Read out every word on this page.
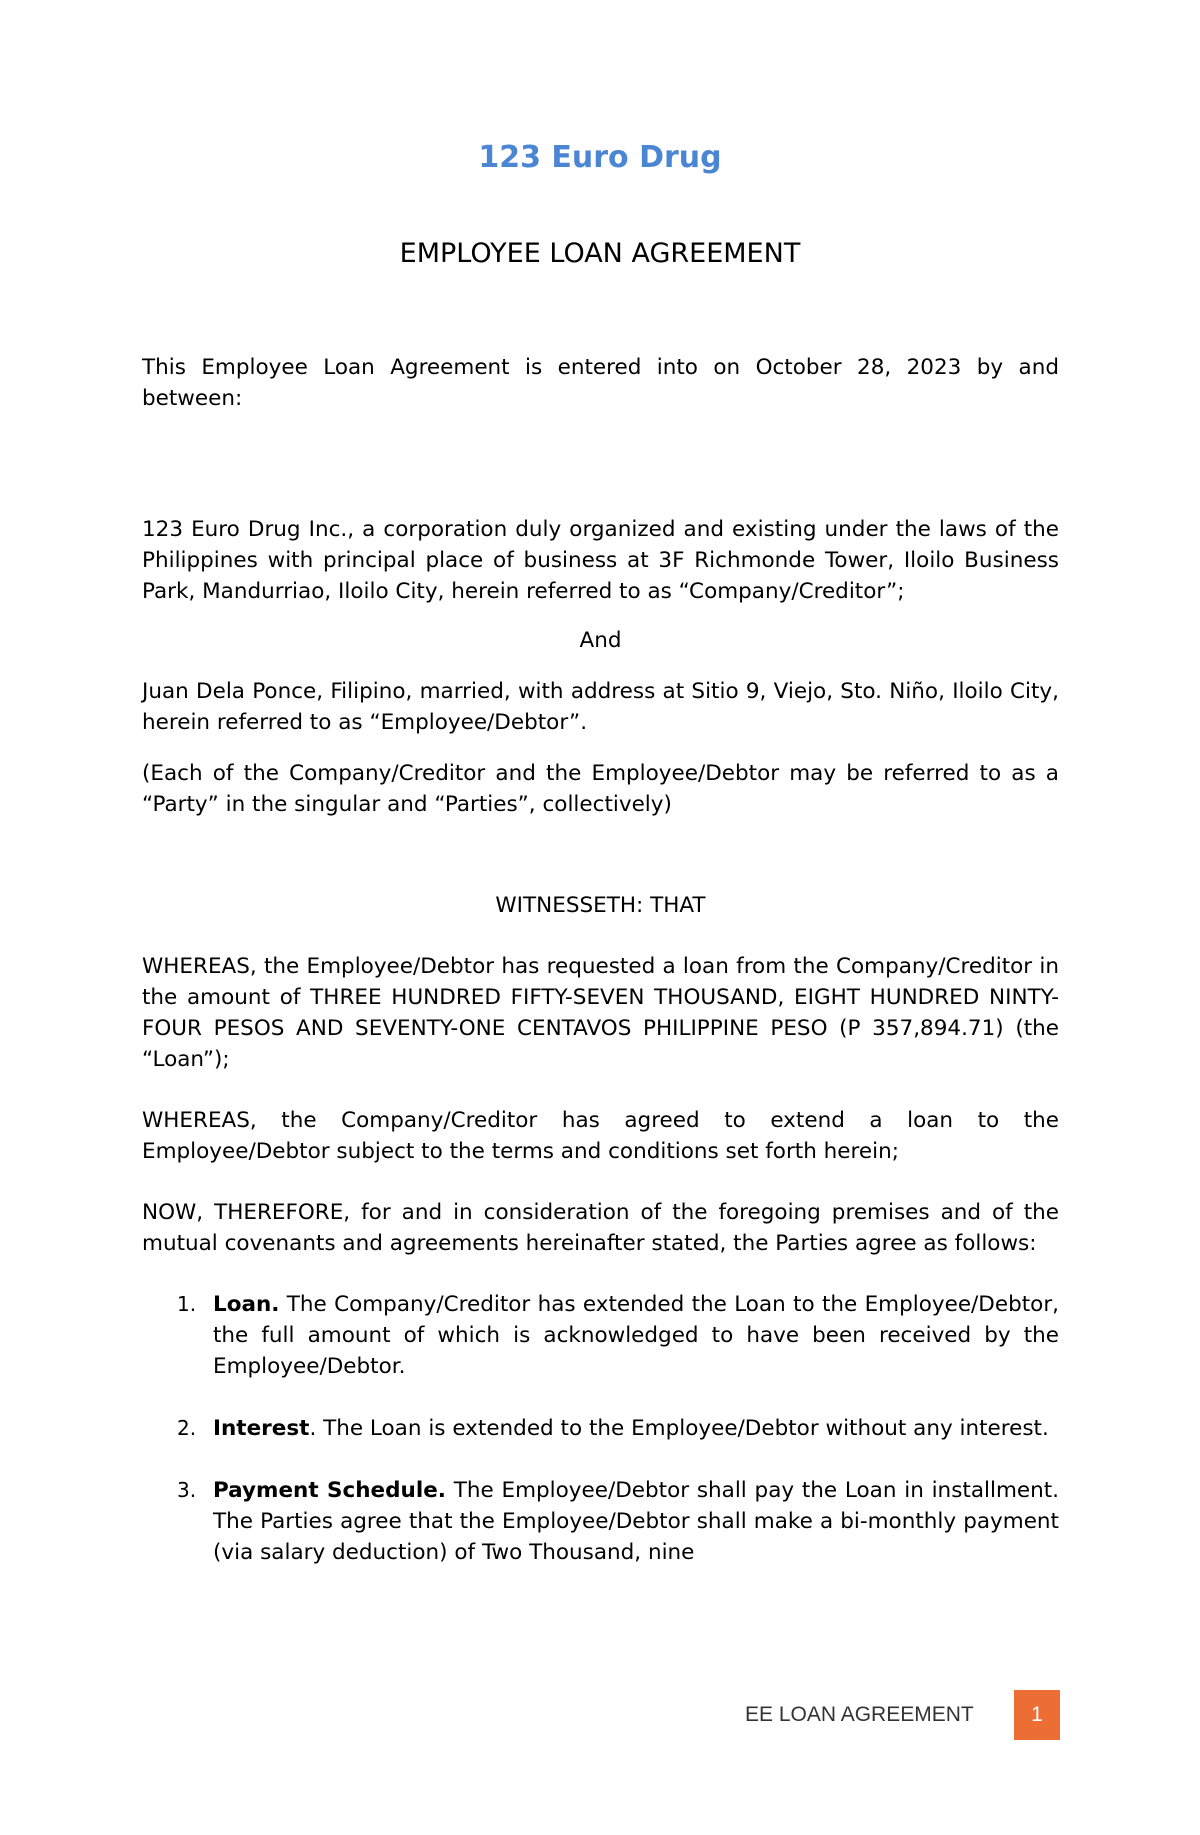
123 Euro Drug
EMPLOYEE LOAN AGREEMENT

This Employee Loan Agreement is entered into on October 28, 2023 by and between:

123 Euro Drug Inc., a corporation duly organized and existing under the laws of the Philippines with principal place of business at 3F Richmonde Tower, Iloilo Business Park, Mandurriao, Iloilo City, herein referred to as “Company/Creditor”;

And

Juan Dela Ponce, Filipino, married, with address at Sitio 9, Viejo, Sto. Niño, Iloilo City, herein referred to as “Employee/Debtor”.

(Each of the Company/Creditor and the Employee/Debtor may be referred to as a “Party” in the singular and “Parties”, collectively)

WITNESSETH: THAT

WHEREAS, the Employee/Debtor has requested a loan from the Company/Creditor in the amount of THREE HUNDRED FIFTY-SEVEN THOUSAND, EIGHT HUNDRED NINTY-FOUR PESOS AND SEVENTY-ONE CENTAVOS PHILIPPINE PESO (P 357,894.71) (the “Loan”);

WHEREAS, the Company/Creditor has agreed to extend a loan to the Employee/Debtor subject to the terms and conditions set forth herein;

NOW, THEREFORE, for and in consideration of the foregoing premises and of the mutual covenants and agreements hereinafter stated, the Parties agree as follows:

1. Loan. The Company/Creditor has extended the Loan to the Employee/Debtor, the full amount of which is acknowledged to have been received by the Employee/Debtor.
2. Interest. The Loan is extended to the Employee/Debtor without any interest.
3. Payment Schedule. The Employee/Debtor shall pay the Loan in installment. The Parties agree that the Employee/Debtor shall make a bi-monthly payment (via salary deduction) of Two Thousand, nine
EE LOAN AGREEMENT	1
